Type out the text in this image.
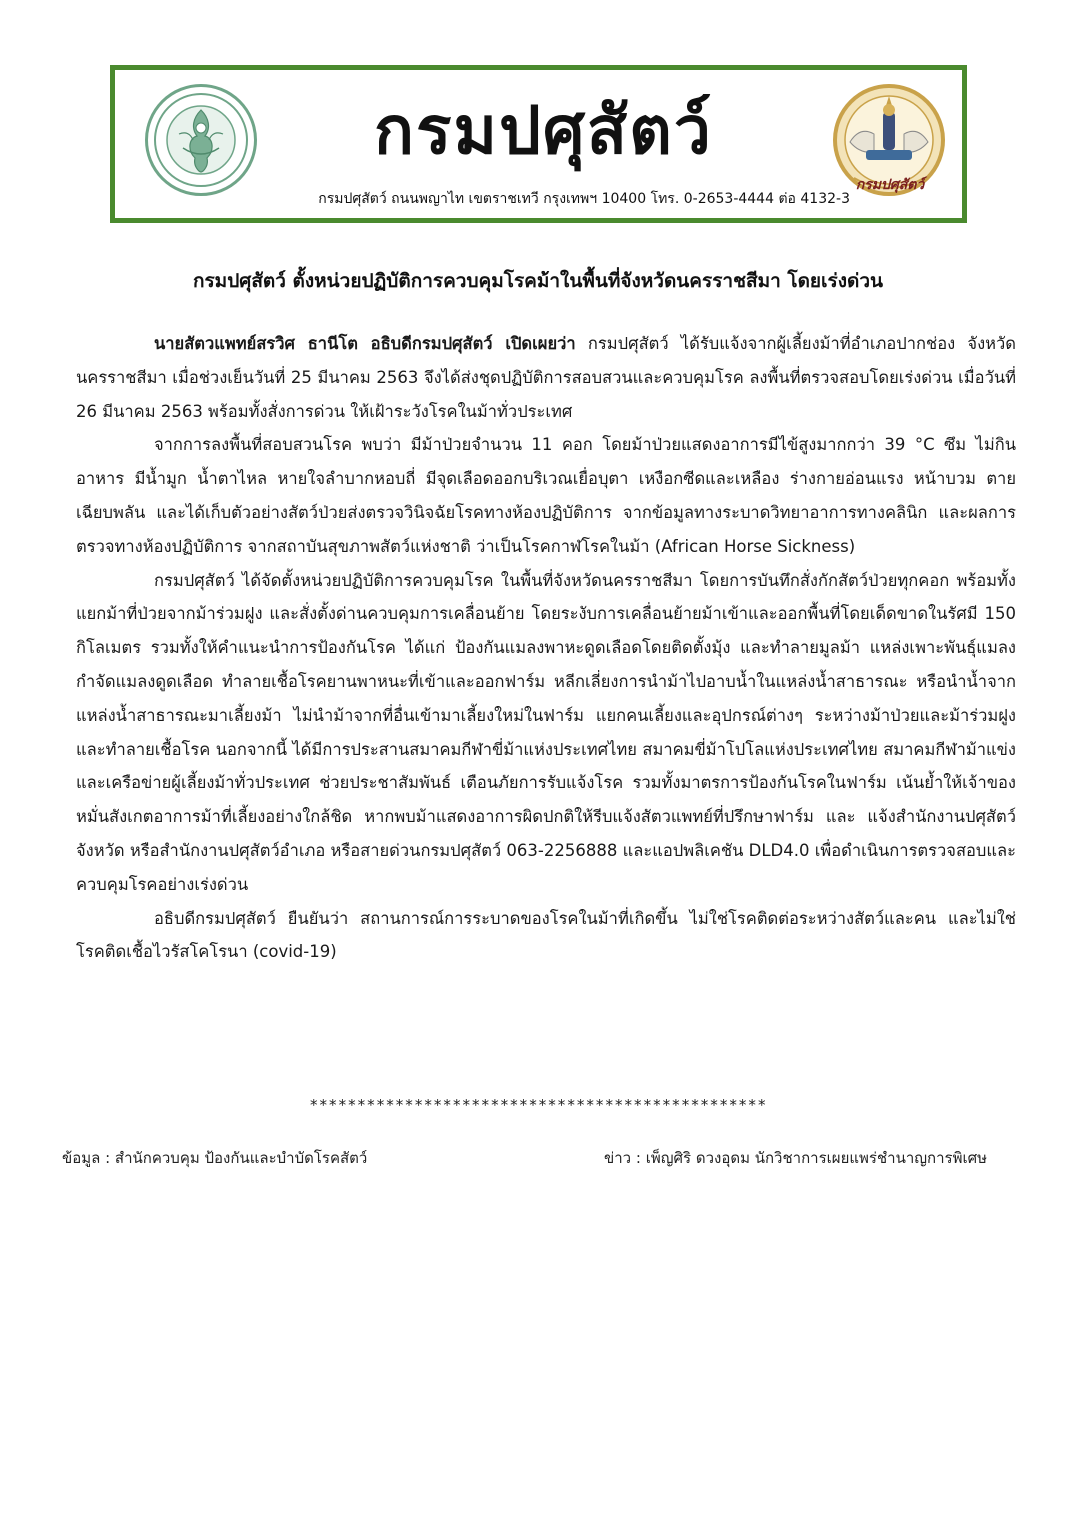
กรมปศุสัตว์
กรมปศุสัตว์ ถนนพญาไท เขตราชเทวี กรุงเทพฯ 10400 โทร. 0-2653-4444 ต่อ 4132-3
กรมปศุสัตว์
กรมปศุสัตว์ ตั้งหน่วยปฏิบัติการควบคุมโรคม้าในพื้นที่จังหวัดนครราชสีมา โดยเร่งด่วน

นายสัตวแพทย์สรวิศ ธานีโต อธิบดีกรมปศุสัตว์ เปิดเผยว่า กรมปศุสัตว์ ได้รับแจ้งจากผู้เลี้ยงม้าที่อำเภอปากช่อง จังหวัดนครราชสีมา เมื่อช่วงเย็นวันที่ 25 มีนาคม 2563 จึงได้ส่งชุดปฏิบัติการสอบสวนและควบคุมโรค ลงพื้นที่ตรวจสอบโดยเร่งด่วน เมื่อวันที่ 26 มีนาคม 2563 พร้อมทั้งสั่งการด่วน ให้เฝ้าระวังโรคในม้าทั่วประเทศ

จากการลงพื้นที่สอบสวนโรค พบว่า มีม้าป่วยจำนวน 11 คอก โดยม้าป่วยแสดงอาการมีไข้สูงมากกว่า 39 °C ซึม ไม่กินอาหาร มีน้ำมูก น้ำตาไหล หายใจลำบากหอบถี่ มีจุดเลือดออกบริเวณเยื่อบุตา เหงือกซีดและเหลือง ร่างกายอ่อนแรง หน้าบวม ตายเฉียบพลัน และได้เก็บตัวอย่างสัตว์ป่วยส่งตรวจวินิจฉัยโรคทางห้องปฏิบัติการ จากข้อมูลทางระบาดวิทยาอาการทางคลินิก และผลการตรวจทางห้องปฏิบัติการ จากสถาบันสุขภาพสัตว์แห่งชาติ ว่าเป็นโรคกาฬโรคในม้า (African Horse Sickness)

กรมปศุสัตว์ ได้จัดตั้งหน่วยปฏิบัติการควบคุมโรค ในพื้นที่จังหวัดนครราชสีมา โดยการบันทึกสั่งกักสัตว์ป่วยทุกคอก พร้อมทั้งแยกม้าที่ป่วยจากม้าร่วมฝูง และสั่งตั้งด่านควบคุมการเคลื่อนย้าย โดยระงับการเคลื่อนย้ายม้าเข้าและออกพื้นที่โดยเด็ดขาดในรัศมี 150 กิโลเมตร รวมทั้งให้คำแนะนำการป้องกันโรค ได้แก่ ป้องกันแมลงพาหะดูดเลือดโดยติดตั้งมุ้ง และทำลายมูลม้า แหล่งเพาะพันธุ์แมลง กำจัดแมลงดูดเลือด ทำลายเชื้อโรคยานพาหนะที่เข้าและออกฟาร์ม หลีกเลี่ยงการนำม้าไปอาบน้ำในแหล่งน้ำสาธารณะ หรือนำน้ำจากแหล่งน้ำสาธารณะมาเลี้ยงม้า ไม่นำม้าจากที่อื่นเข้ามาเลี้ยงใหม่ในฟาร์ม แยกคนเลี้ยงและอุปกรณ์ต่างๆ ระหว่างม้าป่วยและม้าร่วมฝูง และทำลายเชื้อโรค นอกจากนี้ ได้มีการประสานสมาคมกีฬาขี่ม้าแห่งประเทศไทย สมาคมขี่ม้าโปโลแห่งประเทศไทย สมาคมกีฬาม้าแข่ง และเครือข่ายผู้เลี้ยงม้าทั่วประเทศ ช่วยประชาสัมพันธ์ เตือนภัยการรับแจ้งโรค รวมทั้งมาตรการป้องกันโรคในฟาร์ม เน้นย้ำให้เจ้าของ หมั่นสังเกตอาการม้าที่เลี้ยงอย่างใกล้ชิด หากพบม้าแสดงอาการผิดปกติให้รีบแจ้งสัตวแพทย์ที่ปรึกษาฟาร์ม และ แจ้งสำนักงานปศุสัตว์จังหวัด หรือสำนักงานปศุสัตว์อำเภอ หรือสายด่วนกรมปศุสัตว์ 063-2256888 และแอปพลิเคชัน DLD4.0 เพื่อดำเนินการตรวจสอบและควบคุมโรคอย่างเร่งด่วน

อธิบดีกรมปศุสัตว์ ยืนยันว่า สถานการณ์การระบาดของโรคในม้าที่เกิดขึ้น ไม่ใช่โรคติดต่อระหว่างสัตว์และคน และไม่ใช่โรคติดเชื้อไวรัสโคโรนา (covid-19)

************************************************
ข้อมูล : สำนักควบคุม ป้องกันและบำบัดโรคสัตว์	ข่าว : เพ็ญศิริ ดวงอุดม นักวิชาการเผยแพร่ชำนาญการพิเศษ
